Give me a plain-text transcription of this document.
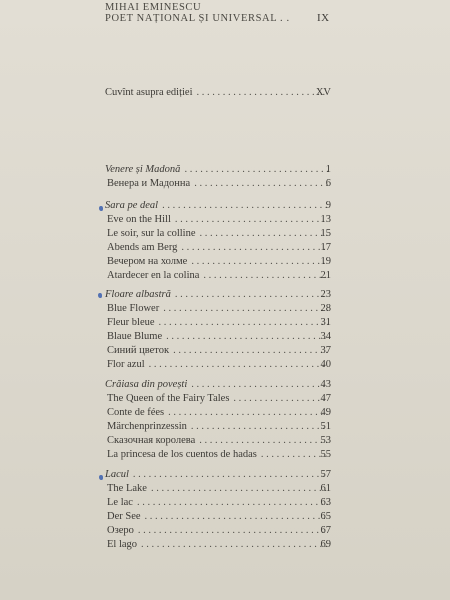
MIHAI EMINESCU
POET NAȚIONAL ȘI UNIVERSAL . .	IX
Cuvînt asupra ediției . . .	XV
Venere și Madonă . . .	1
Венера и Мадонна . . .	6
Sara pe deal . . .	9
Eve on the Hill . . .	13
Le soir, sur la colline . . .	15
Abends am Berg . . .	17
Вечером на холме . . .	19
Atardecer en la colina . . .	21
Floare albastră . . .	23
Blue Flower . . .	28
Fleur bleue . . .	31
Blaue Blume . . .	34
Синий цветок . . .	37
Flor azul . . .	40
Crăiasa din povești . . .	43
The Queen of the Fairy Tales . . .	47
Conte de fées . . .	49
Märchenprinzessin . . .	51
Сказочная королева . . .	53
La princesa de los cuentos de hadas . . .	55
Lacul . . .	57
The Lake . . .	61
Le lac . . .	63
Der See . . .	65
Озеро . . .	67
El lago . . .	69
